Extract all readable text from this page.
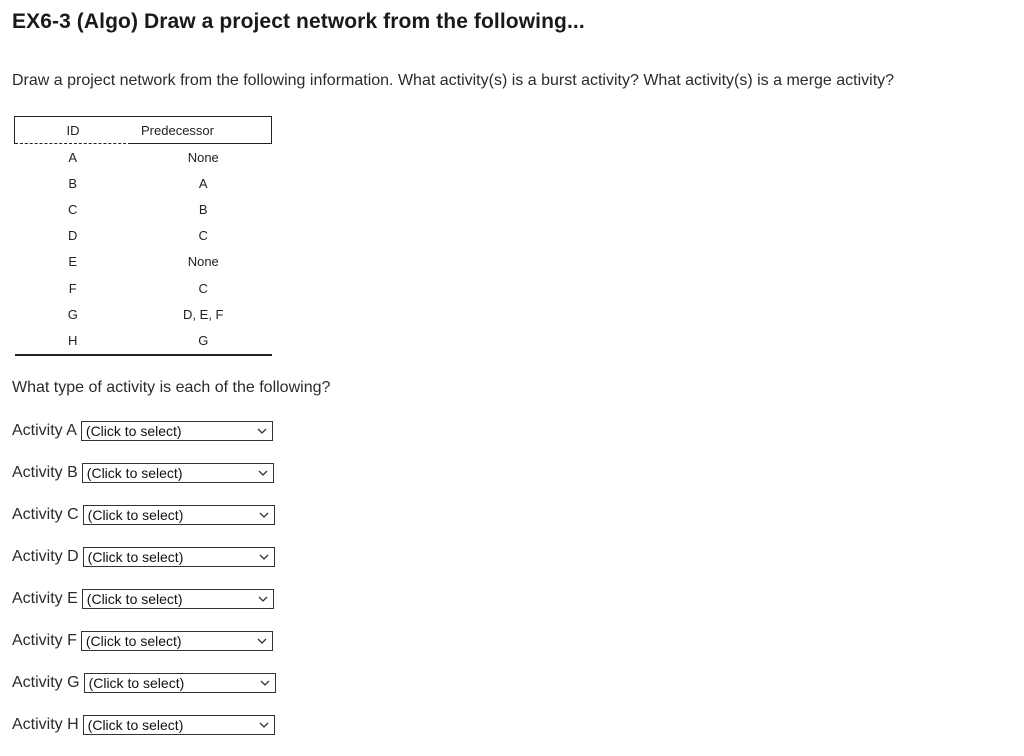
EX6-3 (Algo) Draw a project network from the following...
Draw a project network from the following information. What activity(s) is a burst activity? What activity(s) is a merge activity?
ID	Predecessor
A	None
B	A
C	B
D	C
E	None
F	C
G	D, E, F
H	G
What type of activity is each of the following?
Activity A (Click to select)
Activity B (Click to select)
Activity C (Click to select)
Activity D (Click to select)
Activity E (Click to select)
Activity F (Click to select)
Activity G (Click to select)
Activity H (Click to select)
